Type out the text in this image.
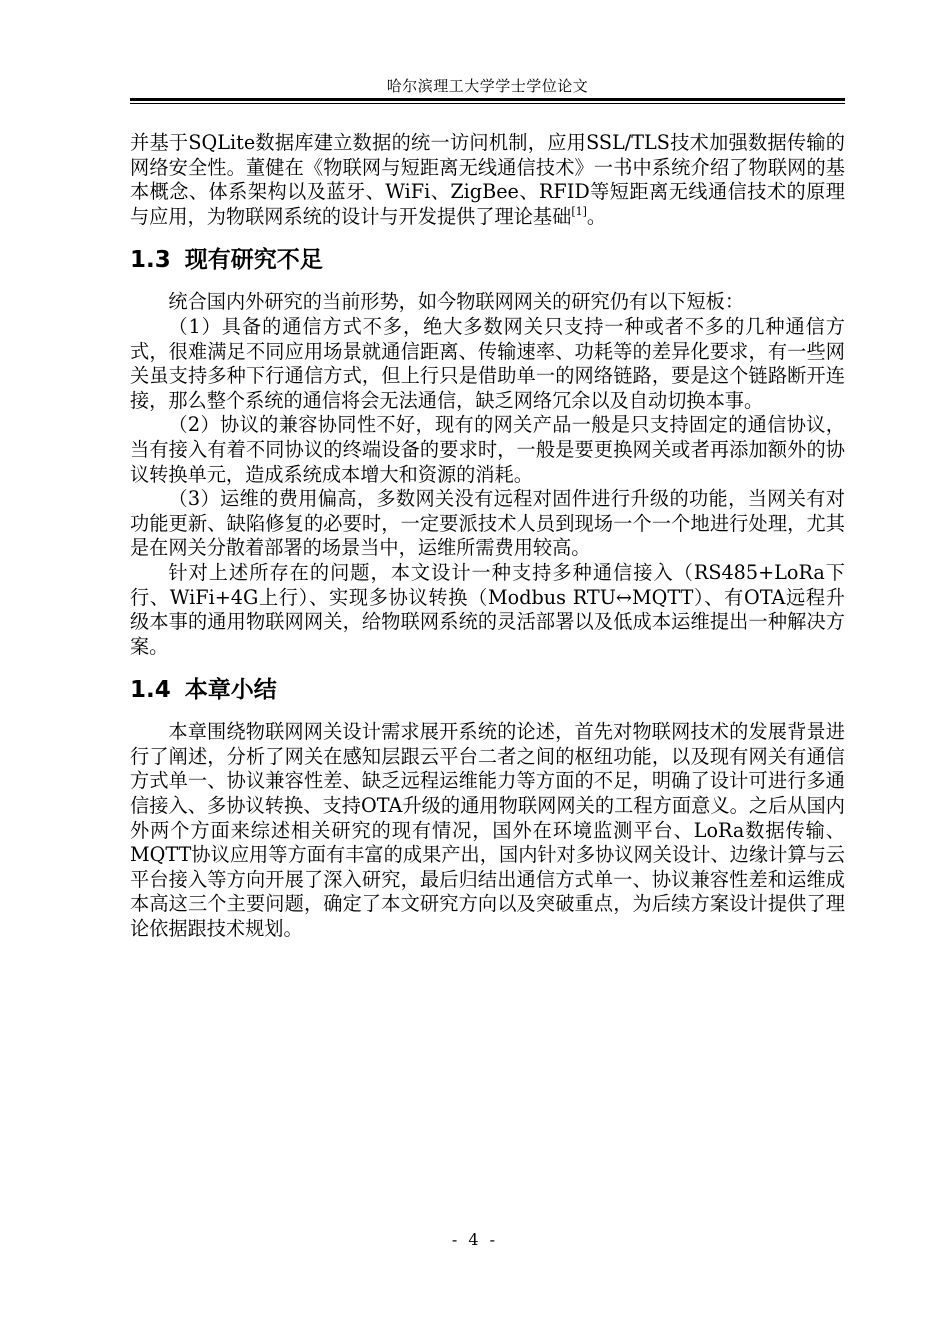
哈尔滨理工大学学士学位论文

并基于SQLite数据库建立数据的统一访问机制，应用SSL/TLS技术加强数据传输的网络安全性。董健在《物联网与短距离无线通信技术》一书中系统介绍了物联网的基本概念、体系架构以及蓝牙、WiFi、ZigBee、RFID等短距离无线通信技术的原理与应用，为物联网系统的设计与开发提供了理论基础[1]。

1.3 现有研究不足

统合国内外研究的当前形势，如今物联网网关的研究仍有以下短板：

（1）具备的通信方式不多，绝大多数网关只支持一种或者不多的几种通信方式，很难满足不同应用场景就通信距离、传输速率、功耗等的差异化要求，有一些网关虽支持多种下行通信方式，但上行只是借助单一的网络链路，要是这个链路断开连接，那么整个系统的通信将会无法通信，缺乏网络冗余以及自动切换本事。

（2）协议的兼容协同性不好，现有的网关产品一般是只支持固定的通信协议，当有接入有着不同协议的终端设备的要求时，一般是要更换网关或者再添加额外的协议转换单元，造成系统成本增大和资源的消耗。

（3）运维的费用偏高，多数网关没有远程对固件进行升级的功能，当网关有对功能更新、缺陷修复的必要时，一定要派技术人员到现场一个一个地进行处理，尤其是在网关分散着部署的场景当中，运维所需费用较高。

针对上述所存在的问题，本文设计一种支持多种通信接入（RS485+LoRa下行、WiFi+4G上行）、实现多协议转换（Modbus RTU↔MQTT）、有OTA远程升级本事的通用物联网网关，给物联网系统的灵活部署以及低成本运维提出一种解决方案。

1.4 本章小结

本章围绕物联网网关设计需求展开系统的论述，首先对物联网技术的发展背景进行了阐述，分析了网关在感知层跟云平台二者之间的枢纽功能，以及现有网关有通信方式单一、协议兼容性差、缺乏远程运维能力等方面的不足，明确了设计可进行多通信接入、多协议转换、支持OTA升级的通用物联网网关的工程方面意义。之后从国内外两个方面来综述相关研究的现有情况，国外在环境监测平台、LoRa数据传输、MQTT协议应用等方面有丰富的成果产出，国内针对多协议网关设计、边缘计算与云平台接入等方向开展了深入研究，最后归结出通信方式单一、协议兼容性差和运维成本高这三个主要问题，确定了本文研究方向以及突破重点，为后续方案设计提供了理论依据跟技术规划。

- 4 -
